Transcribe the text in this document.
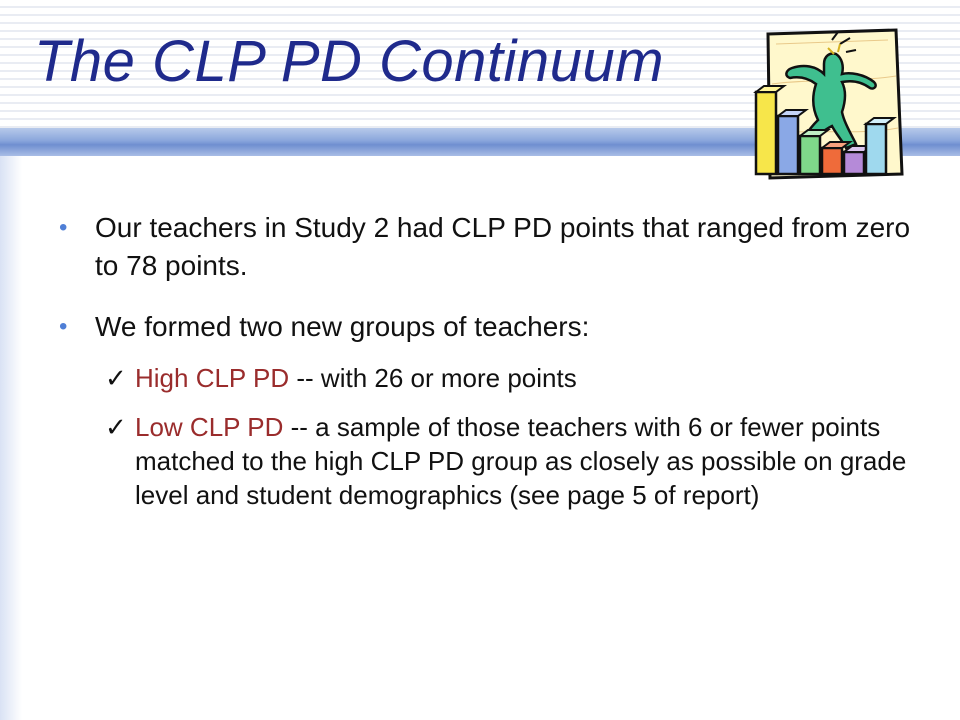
The CLP PD Continuum
• Our teachers in Study 2 had CLP PD points that ranged from zero to 78 points.
• We formed two new groups of teachers:
✓ High CLP PD -- with 26 or more points
✓ Low CLP PD -- a sample of those teachers with 6 or fewer points matched to the high CLP PD group as closely as possible on grade level and student demographics (see page 5 of report)
